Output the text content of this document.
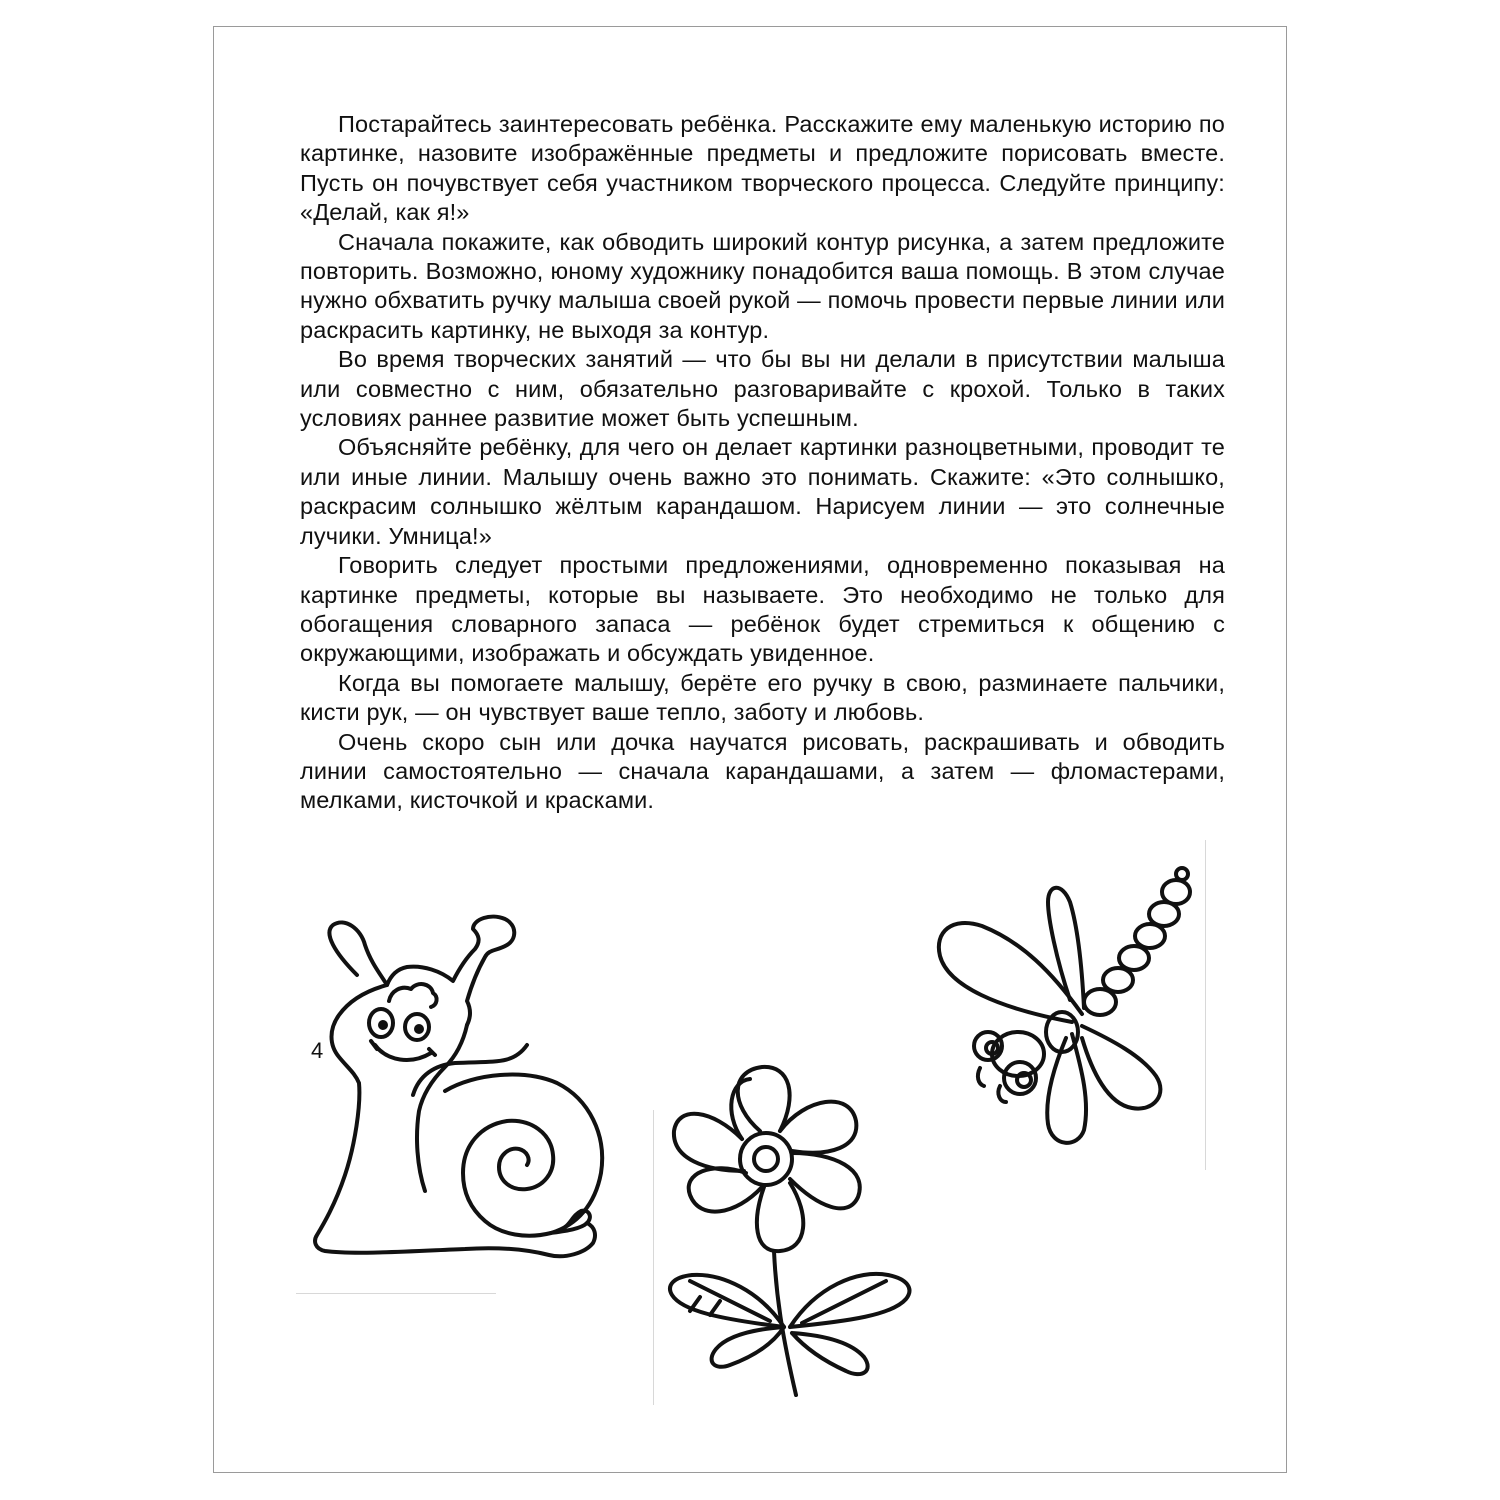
Постарайтесь заинтересовать ребёнка. Расскажите ему маленькую историю по картинке, назовите изображённые предметы и предложите порисовать вместе. Пусть он почувствует себя участником творческого процесса. Следуйте принципу: «Делай, как я!»

Сначала покажите, как обводить широкий контур рисунка, а затем предложите повторить. Возможно, юному художнику понадобится ваша помощь. В этом случае нужно обхватить ручку малыша своей рукой — помочь провести первые линии или раскрасить картинку, не выходя за контур.

Во время творческих занятий — что бы вы ни делали в присутствии малыша или совместно с ним, обязательно разговаривайте с крохой. Только в таких условиях раннее развитие может быть успешным.

Объясняйте ребёнку, для чего он делает картинки разноцветными, проводит те или иные линии. Малышу очень важно это понимать. Скажите: «Это солнышко, раскрасим солнышко жёлтым карандашом. Нарисуем линии — это солнечные лучики. Умница!»

Говорить следует простыми предложениями, одновременно показывая на картинке предметы, которые вы называете. Это необходимо не только для обогащения словарного запаса — ребёнок будет стремиться к общению с окружающими, изображать и обсуждать увиденное.

Когда вы помогаете малышу, берёте его ручку в свою, разминаете пальчики, кисти рук, — он чувствует ваше тепло, заботу и любовь.

Очень скоро сын или дочка научатся рисовать, раскрашивать и обводить линии самостоятельно — сначала карандашами, а затем — фломастерами, мелками, кисточкой и красками.

4
